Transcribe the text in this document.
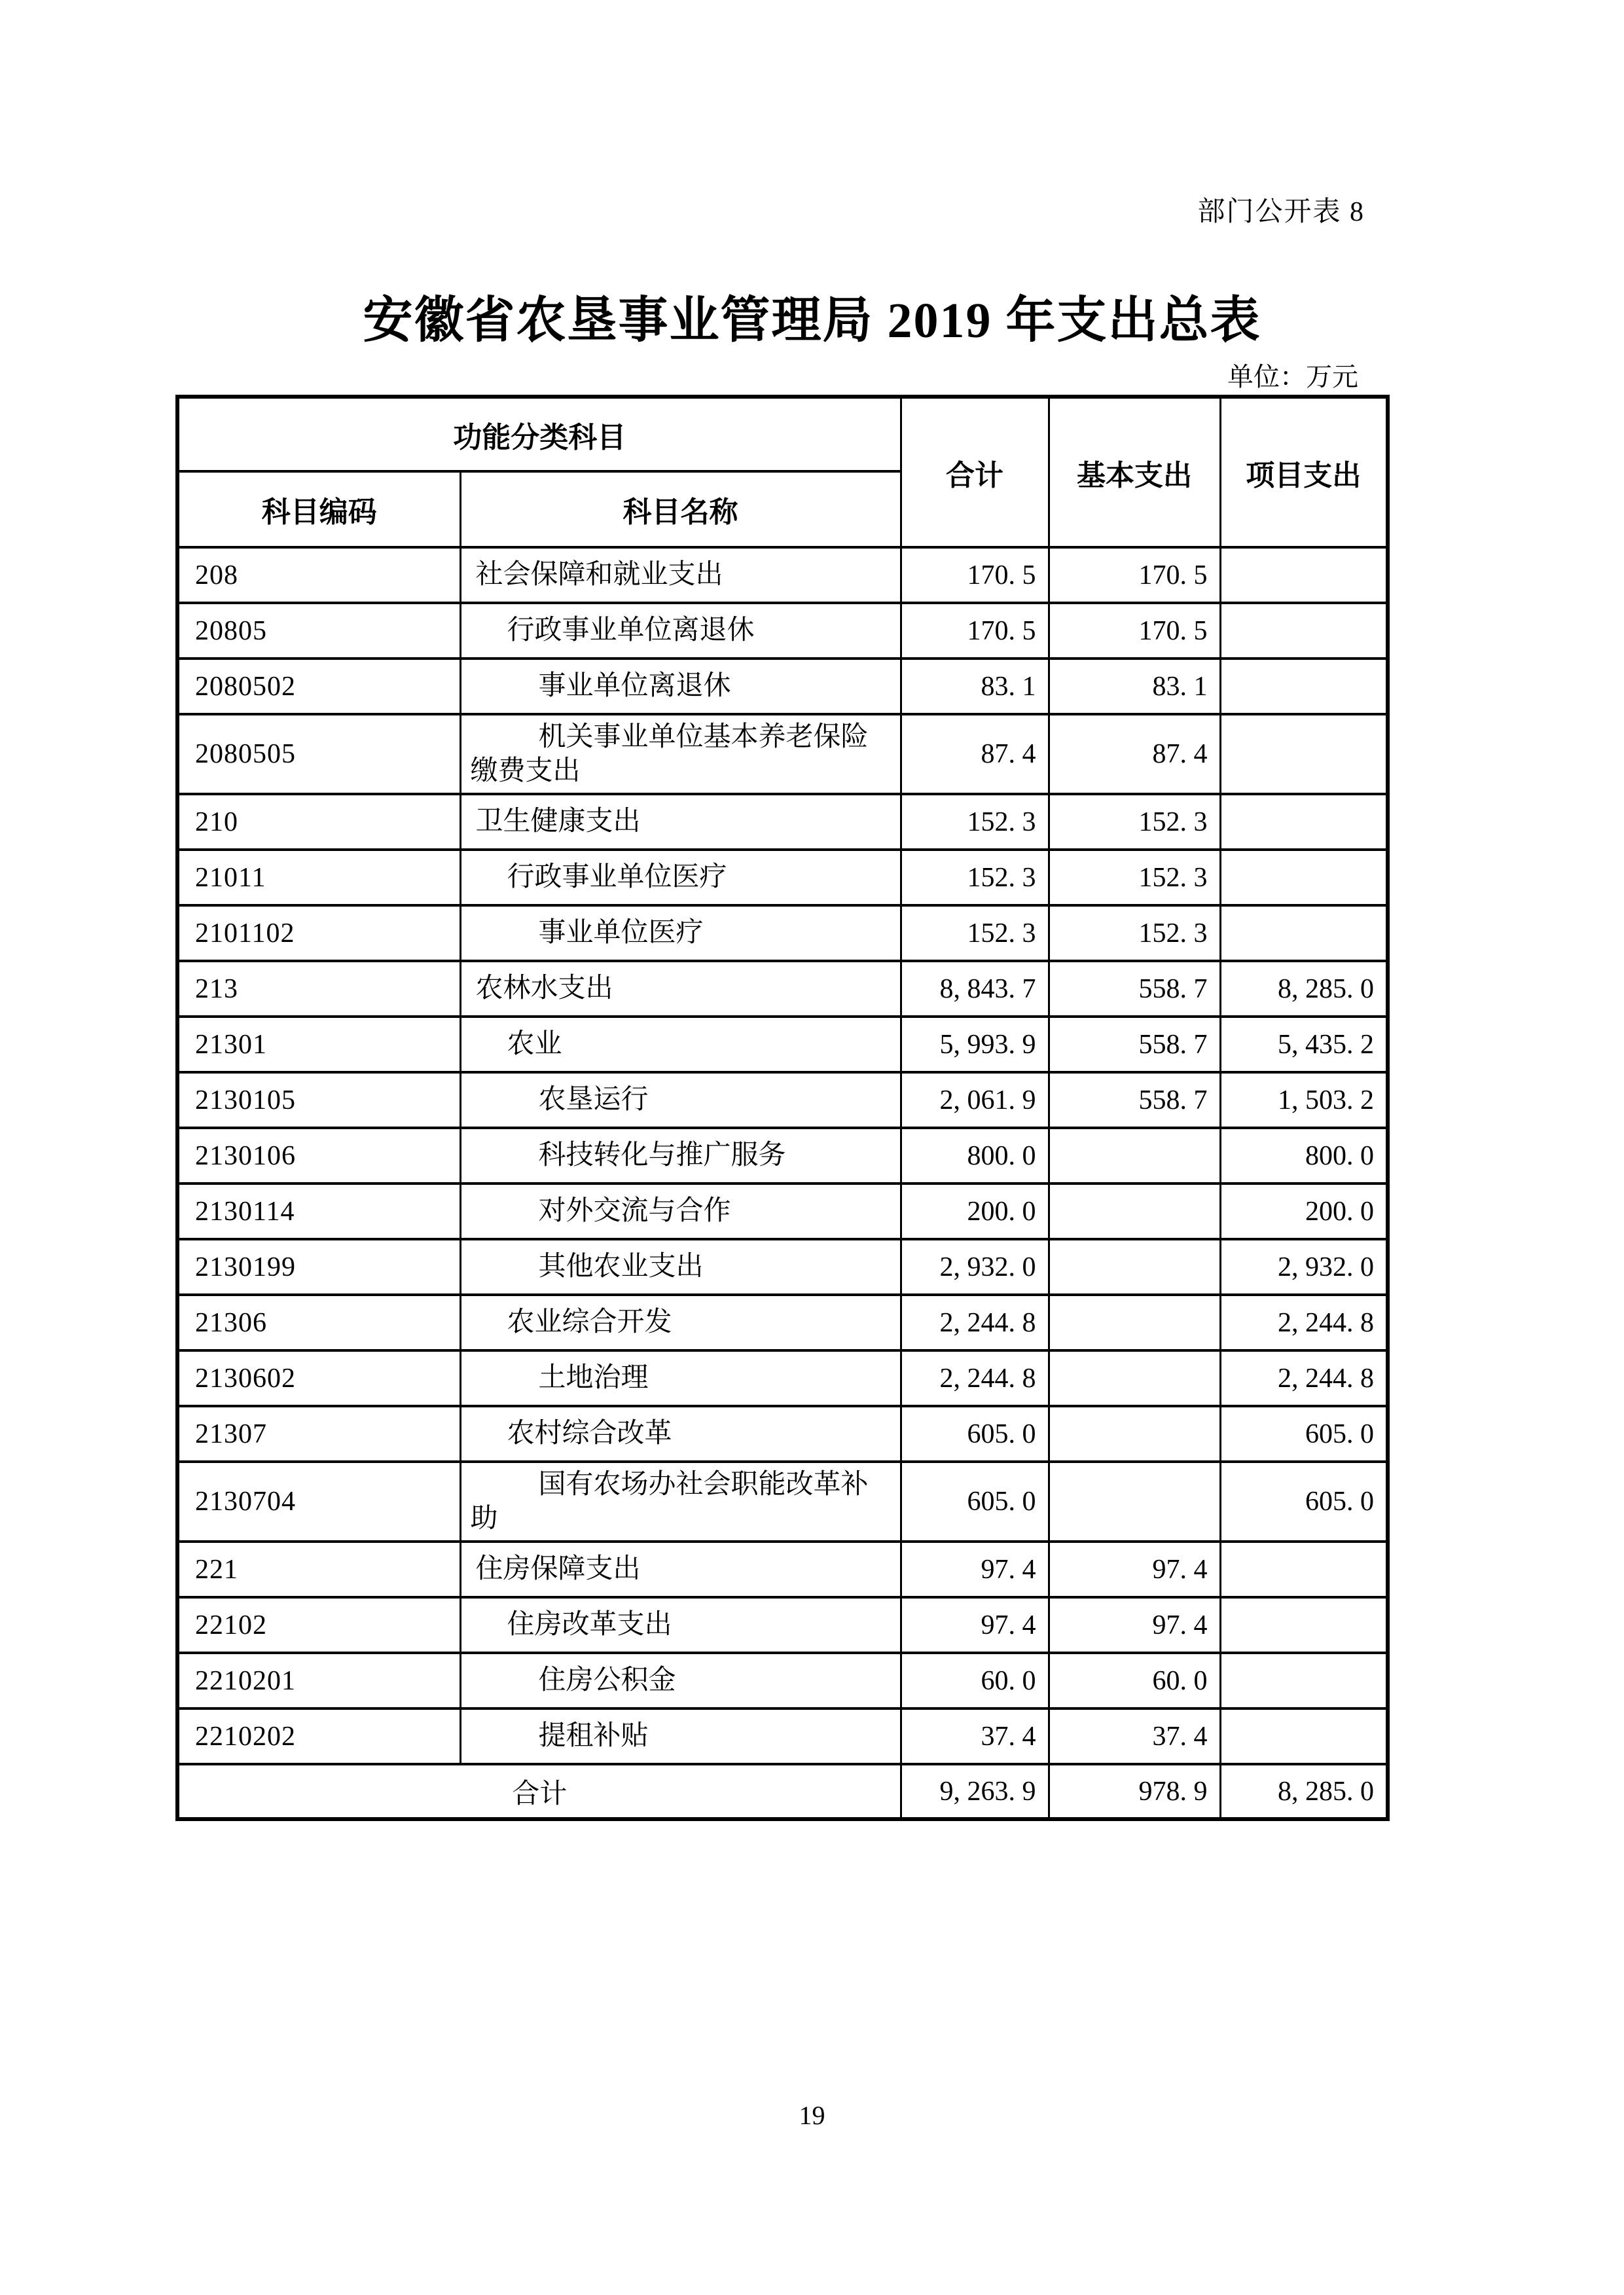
部门公开表 8
安徽省农垦事业管理局 2019 年支出总表
单位：万元
功能分类科目		合计	基本支出	项目支出
科目编码	科目名称			
208	社会保障和就业支出	170. 5	170. 5	
20805	行政事业单位离退休	170. 5	170. 5	
2080502	事业单位离退休	83. 1	83. 1	
2080505	机关事业单位基本养老保险缴费支出	87. 4	87. 4	
210	卫生健康支出	152. 3	152. 3	
21011	行政事业单位医疗	152. 3	152. 3	
2101102	事业单位医疗	152. 3	152. 3	
213	农林水支出	8, 843. 7	558. 7	8, 285. 0
21301	农业	5, 993. 9	558. 7	5, 435. 2
2130105	农垦运行	2, 061. 9	558. 7	1, 503. 2
2130106	科技转化与推广服务	800. 0		800. 0
2130114	对外交流与合作	200. 0		200. 0
2130199	其他农业支出	2, 932. 0		2, 932. 0
21306	农业综合开发	2, 244. 8		2, 244. 8
2130602	土地治理	2, 244. 8		2, 244. 8
21307	农村综合改革	605. 0		605. 0
2130704	国有农场办社会职能改革补助	605. 0		605. 0
221	住房保障支出	97. 4	97. 4	
22102	住房改革支出	97. 4	97. 4	
2210201	住房公积金	60. 0	60. 0	
2210202	提租补贴	37. 4	37. 4	
合计		9, 263. 9	978. 9	8, 285. 0
19
